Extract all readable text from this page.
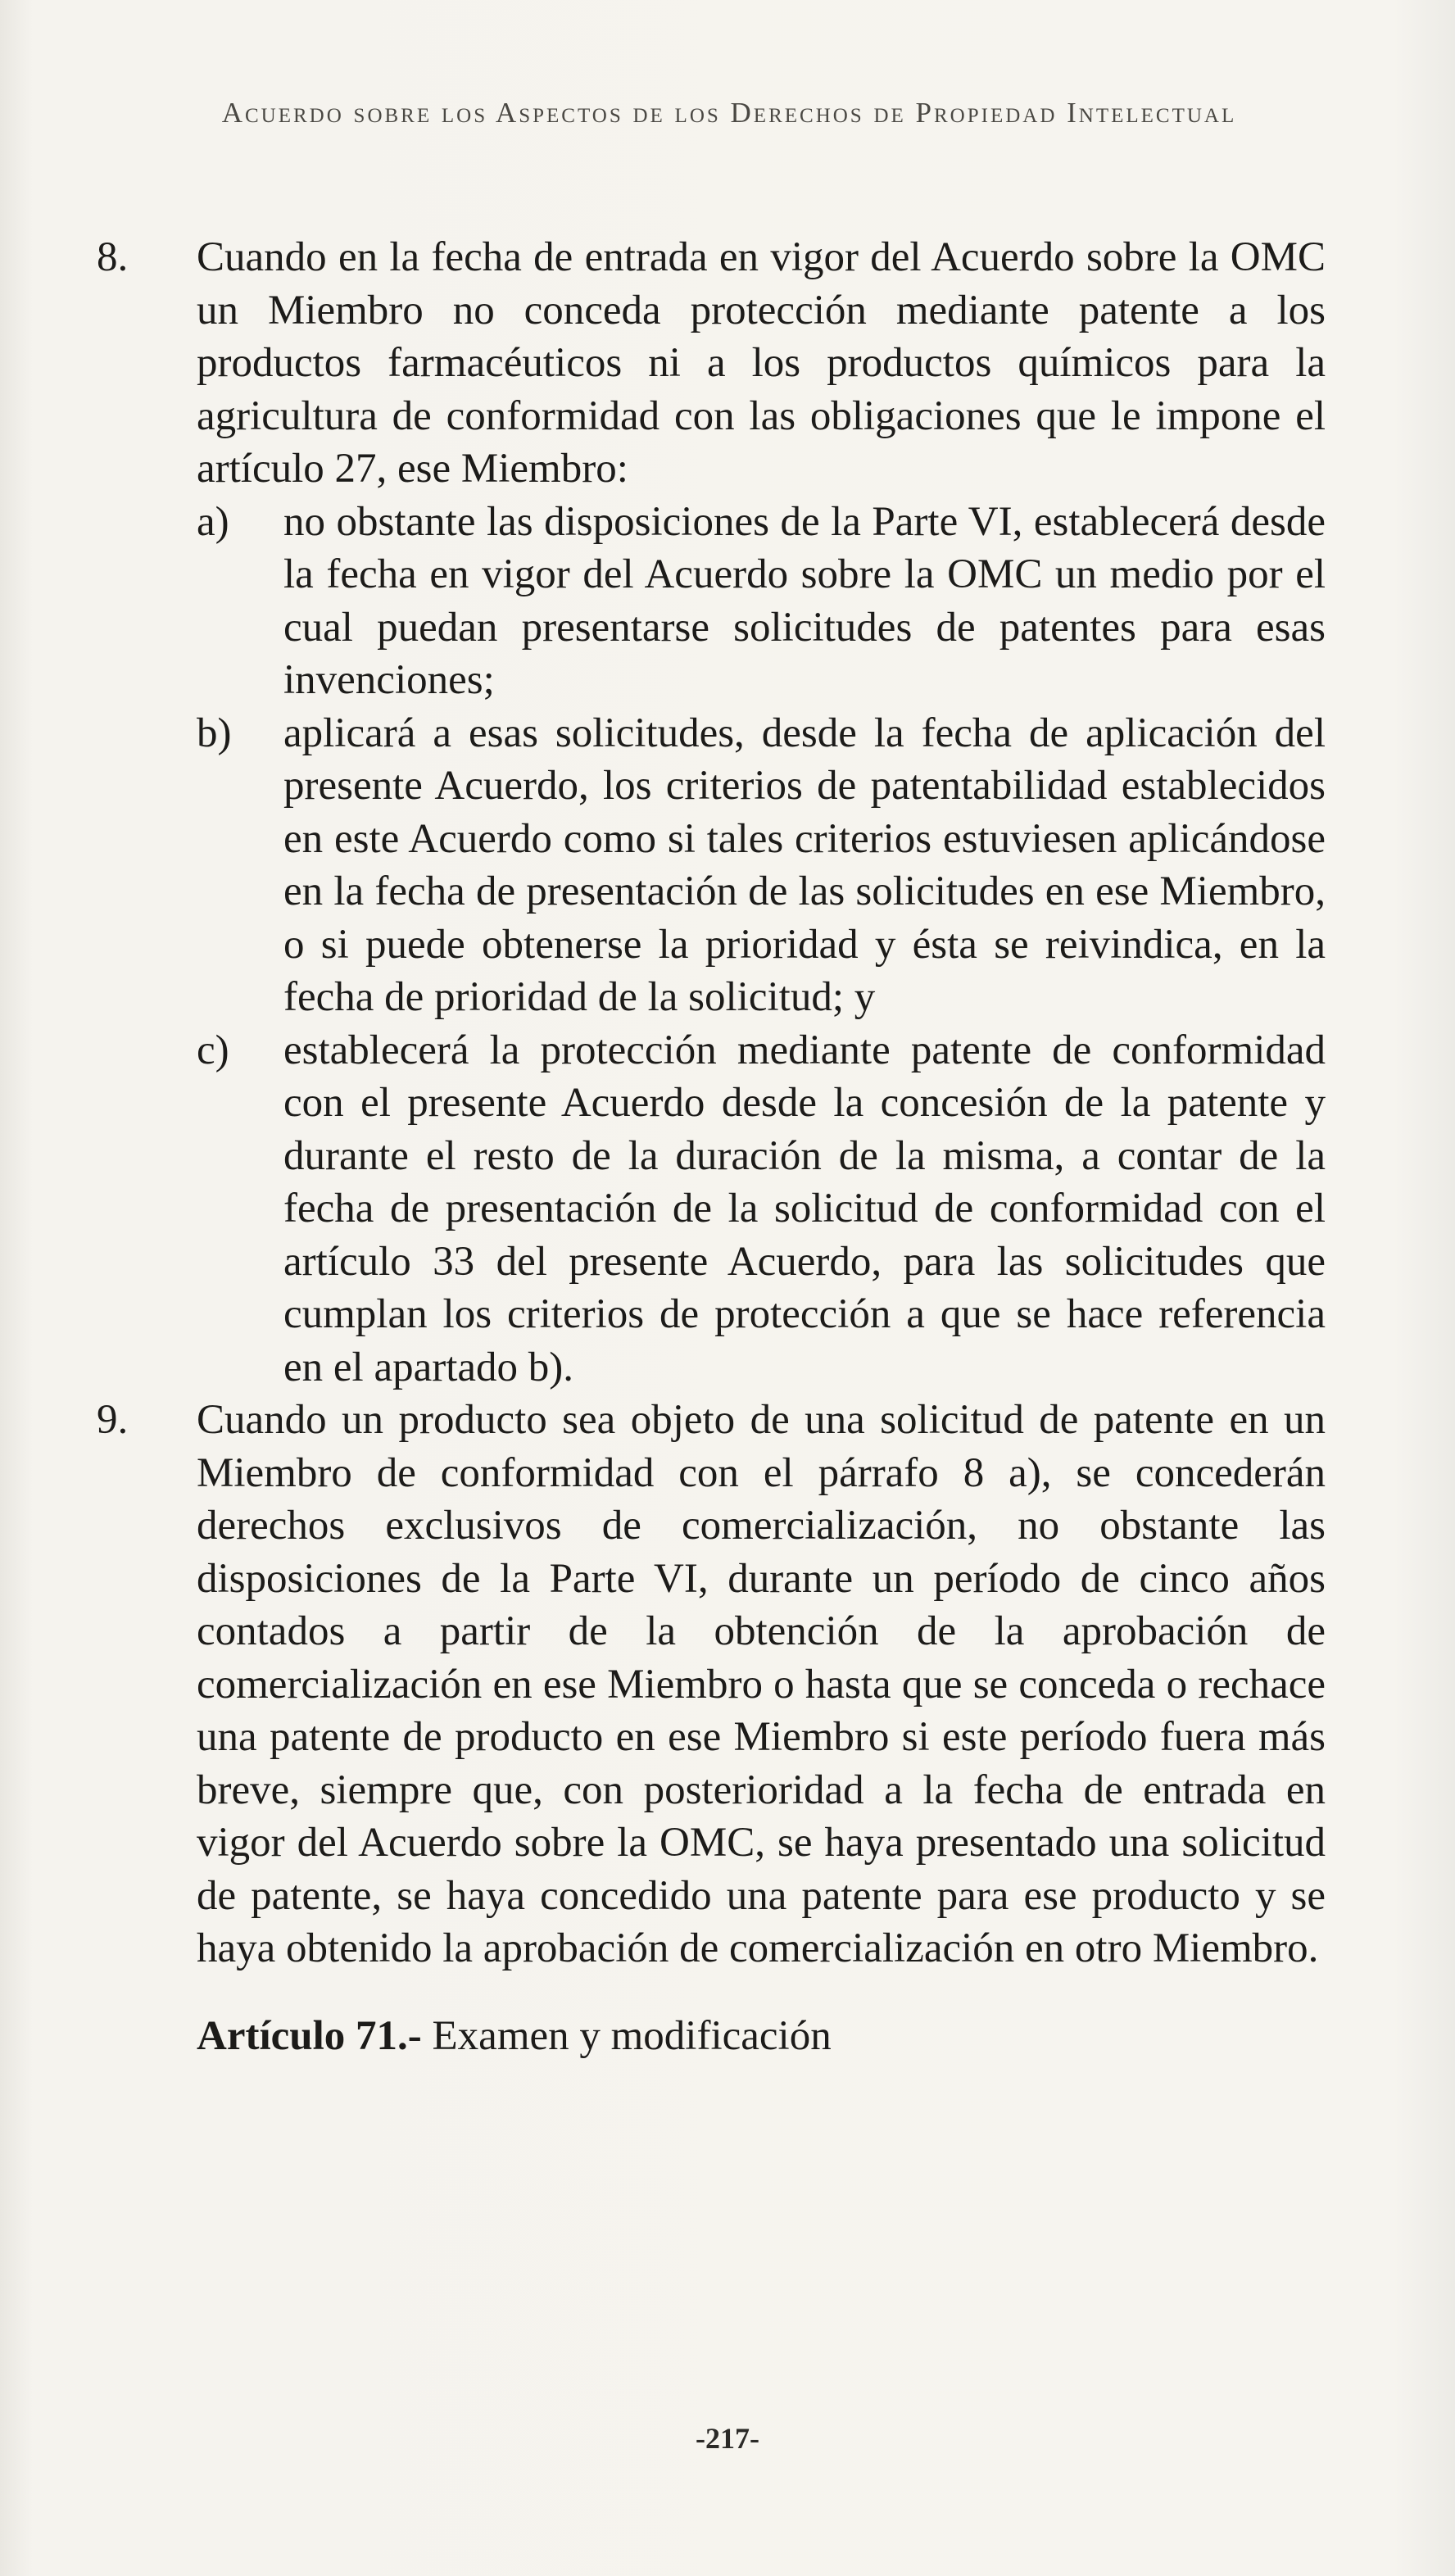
Acuerdo sobre los Aspectos de los Derechos de Propiedad Intelectual
8. Cuando en la fecha de entrada en vigor del Acuerdo sobre la OMC un Miembro no conceda protección mediante patente a los productos farmacéuticos ni a los productos químicos para la agricultura de conformidad con las obligaciones que le impone el artículo 27, ese Miembro:
a) no obstante las disposiciones de la Parte VI, establecerá desde la fecha en vigor del Acuerdo sobre la OMC un medio por el cual puedan presentarse solicitudes de patentes para esas invenciones;
b) aplicará a esas solicitudes, desde la fecha de aplicación del presente Acuerdo, los criterios de patentabilidad establecidos en este Acuerdo como si tales criterios estuviesen aplicándose en la fecha de presentación de las solicitudes en ese Miembro, o si puede obtenerse la prioridad y ésta se reivindica, en la fecha de prioridad de la solicitud; y
c) establecerá la protección mediante patente de conformidad con el presente Acuerdo desde la concesión de la patente y durante el resto de la duración de la misma, a contar de la fecha de presentación de la solicitud de conformidad con el artículo 33 del presente Acuerdo, para las solicitudes que cumplan los criterios de protección a que se hace referencia en el apartado b).
9. Cuando un producto sea objeto de una solicitud de patente en un Miembro de conformidad con el párrafo 8 a), se concederán derechos exclusivos de comercialización, no obstante las disposiciones de la Parte VI, durante un período de cinco años contados a partir de la obtención de la aprobación de comercialización en ese Miembro o hasta que se conceda o rechace una patente de producto en ese Miembro si este período fuera más breve, siempre que, con posterioridad a la fecha de entrada en vigor del Acuerdo sobre la OMC, se haya presentado una solicitud de patente, se haya concedido una patente para ese producto y se haya obtenido la aprobación de comercialización en otro Miembro.
Artículo 71.- Examen y modificación
-217-
